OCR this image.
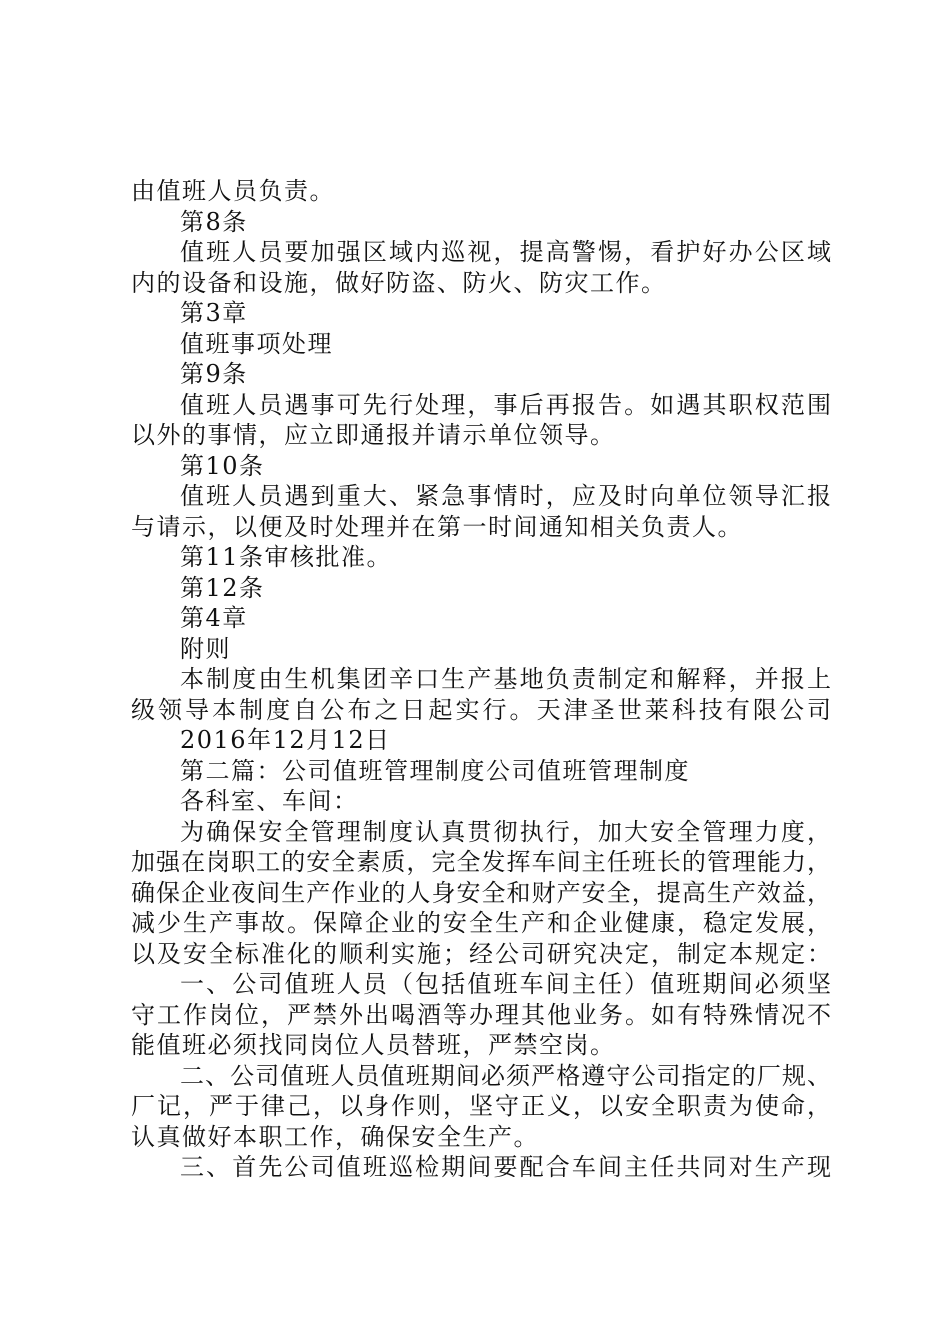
由值班人员负责。
第8条
值班人员要加强区域内巡视，提高警惕，看护好办公区域
内的设备和设施，做好防盗、防火、防灾工作。
第3章
值班事项处理
第9条
值班人员遇事可先行处理，事后再报告。如遇其职权范围
以外的事情，应立即通报并请示单位领导。
第10条
值班人员遇到重大、紧急事情时，应及时向单位领导汇报
与请示，以便及时处理并在第一时间通知相关负责人。
第11条审核批准。
第12条
第4章
附则
本制度由生机集团辛口生产基地负责制定和解释，并报上
级领导本制度自公布之日起实行。天津圣世莱科技有限公司
2016年12月12日
第二篇：公司值班管理制度公司值班管理制度
各科室、车间：
为确保安全管理制度认真贯彻执行，加大安全管理力度，
加强在岗职工的安全素质，完全发挥车间主任班长的管理能力，
确保企业夜间生产作业的人身安全和财产安全，提高生产效益，
减少生产事故。保障企业的安全生产和企业健康，稳定发展，
以及安全标准化的顺利实施；经公司研究决定，制定本规定：
一、公司值班人员（包括值班车间主任）值班期间必须坚
守工作岗位，严禁外出喝酒等办理其他业务。如有特殊情况不
能值班必须找同岗位人员替班，严禁空岗。
二、公司值班人员值班期间必须严格遵守公司指定的厂规、
厂记，严于律己，以身作则，坚守正义，以安全职责为使命，
认真做好本职工作，确保安全生产。
三、首先公司值班巡检期间要配合车间主任共同对生产现
